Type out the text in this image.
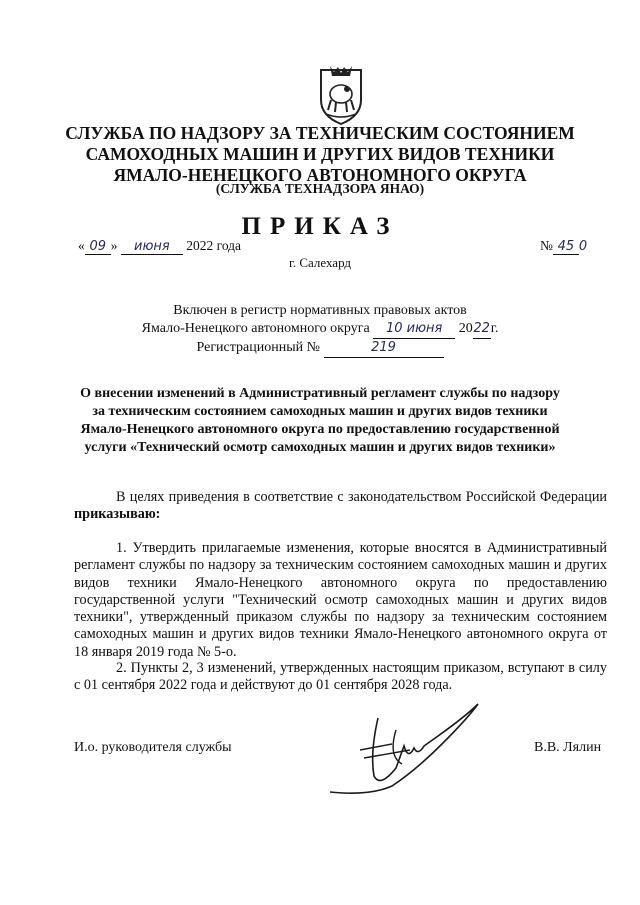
СЛУЖБА ПО НАДЗОРУ ЗА ТЕХНИЧЕСКИМ СОСТОЯНИЕМ
САМОХОДНЫХ МАШИН И ДРУГИХ ВИДОВ ТЕХНИКИ
ЯМАЛО-НЕНЕЦКОГО АВТОНОМНОГО ОКРУГА
(СЛУЖБА ТЕХНАДЗОРА ЯНАО)
ПРИКАЗ
« 09 » июня 2022 года	№ 45 0
г. Салехард
Включен в регистр нормативных правовых актов
Ямало-Ненецкого автономного округа 10 июня 2022г.
Регистрационный №	219
О внесении изменений в Административный регламент службы по надзору
за техническим состоянием самоходных машин и других видов техники
Ямало-Ненецкого автономного округа по предоставлению государственной
услуги «Технический осмотр самоходных машин и других видов техники»
В целях приведения в соответствие с законодательством Российской Федерации приказываю:
1. Утвердить прилагаемые изменения, которые вносятся в Административный регламент службы по надзору за техническим состоянием самоходных машин и других видов техники Ямало-Ненецкого автономного округа по предоставлению государственной услуги "Технический осмотр самоходных машин и других видов техники", утвержденный приказом службы по надзору за техническим состоянием самоходных машин и других видов техники Ямало-Ненецкого автономного округа от 18 января 2019 года № 5-о.
2. Пункты 2, 3 изменений, утвержденных настоящим приказом, вступают в силу с 01 сентября 2022 года и действуют до 01 сентября 2028 года.
И.о. руководителя службы	В.В. Лялин
